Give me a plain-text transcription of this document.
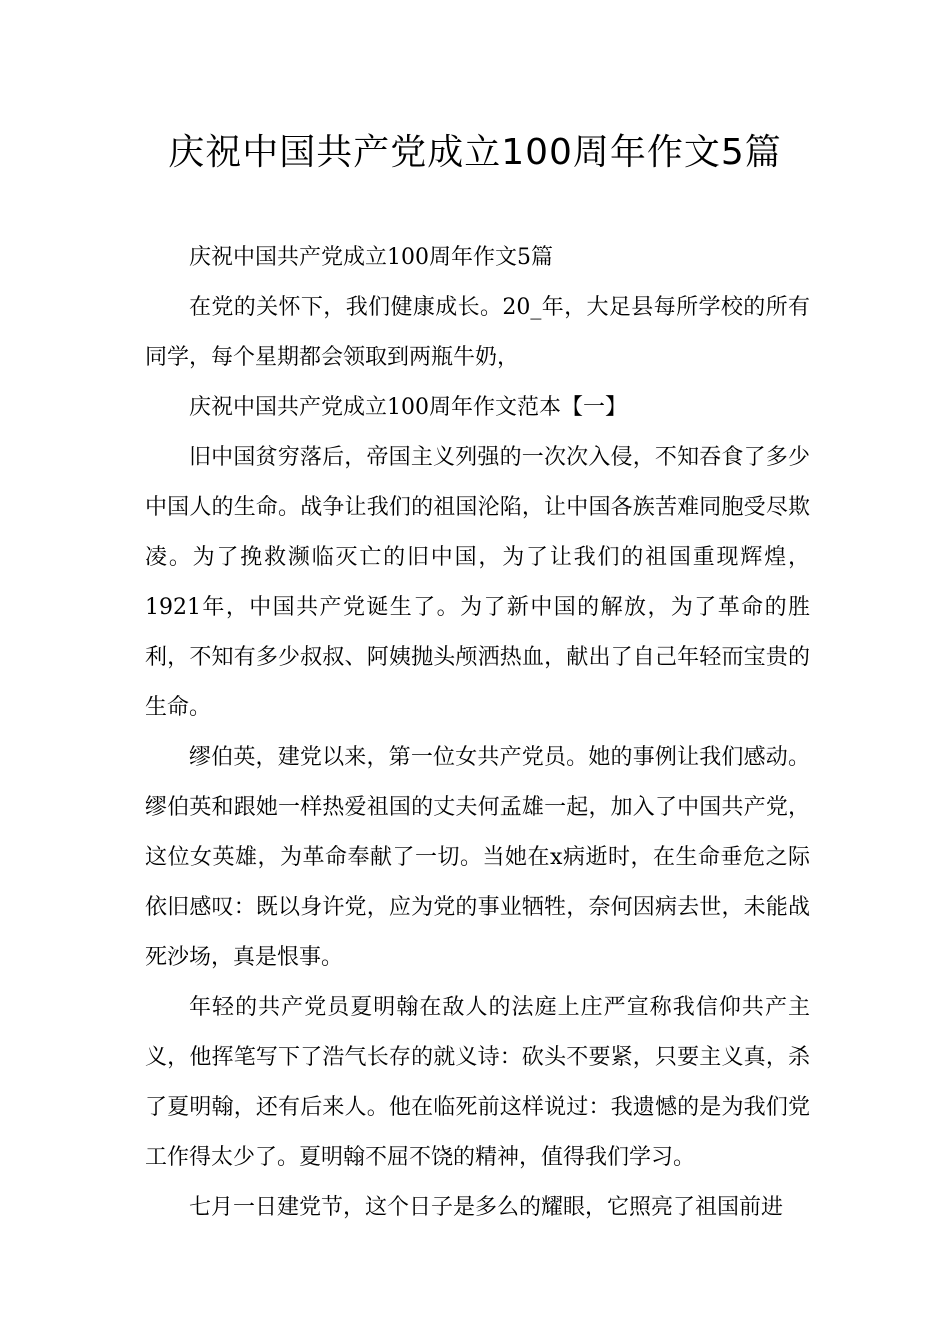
庆祝中国共产党成立100周年作文5篇

庆祝中国共产党成立100周年作文5篇

在党的关怀下，我们健康成长。20_年，大足县每所学校的所有同学，每个星期都会领取到两瓶牛奶，

庆祝中国共产党成立100周年作文范本【一】

旧中国贫穷落后，帝国主义列强的一次次入侵，不知吞食了多少中国人的生命。战争让我们的祖国沦陷，让中国各族苦难同胞受尽欺凌。为了挽救濒临灭亡的旧中国，为了让我们的祖国重现辉煌，1921年，中国共产党诞生了。为了新中国的解放，为了革命的胜利，不知有多少叔叔、阿姨抛头颅洒热血，献出了自己年轻而宝贵的生命。

缪伯英，建党以来，第一位女共产党员。她的事例让我们感动。缪伯英和跟她一样热爱祖国的丈夫何孟雄一起，加入了中国共产党，这位女英雄，为革命奉献了一切。当她在x病逝时，在生命垂危之际依旧感叹：既以身许党，应为党的事业牺牲，奈何因病去世，未能战死沙场，真是恨事。

年轻的共产党员夏明翰在敌人的法庭上庄严宣称我信仰共产主义，他挥笔写下了浩气长存的就义诗：砍头不要紧，只要主义真，杀了夏明翰，还有后来人。他在临死前这样说过：我遗憾的是为我们党工作得太少了。夏明翰不屈不饶的精神，值得我们学习。

七月一日建党节，这个日子是多么的耀眼，它照亮了祖国前进
